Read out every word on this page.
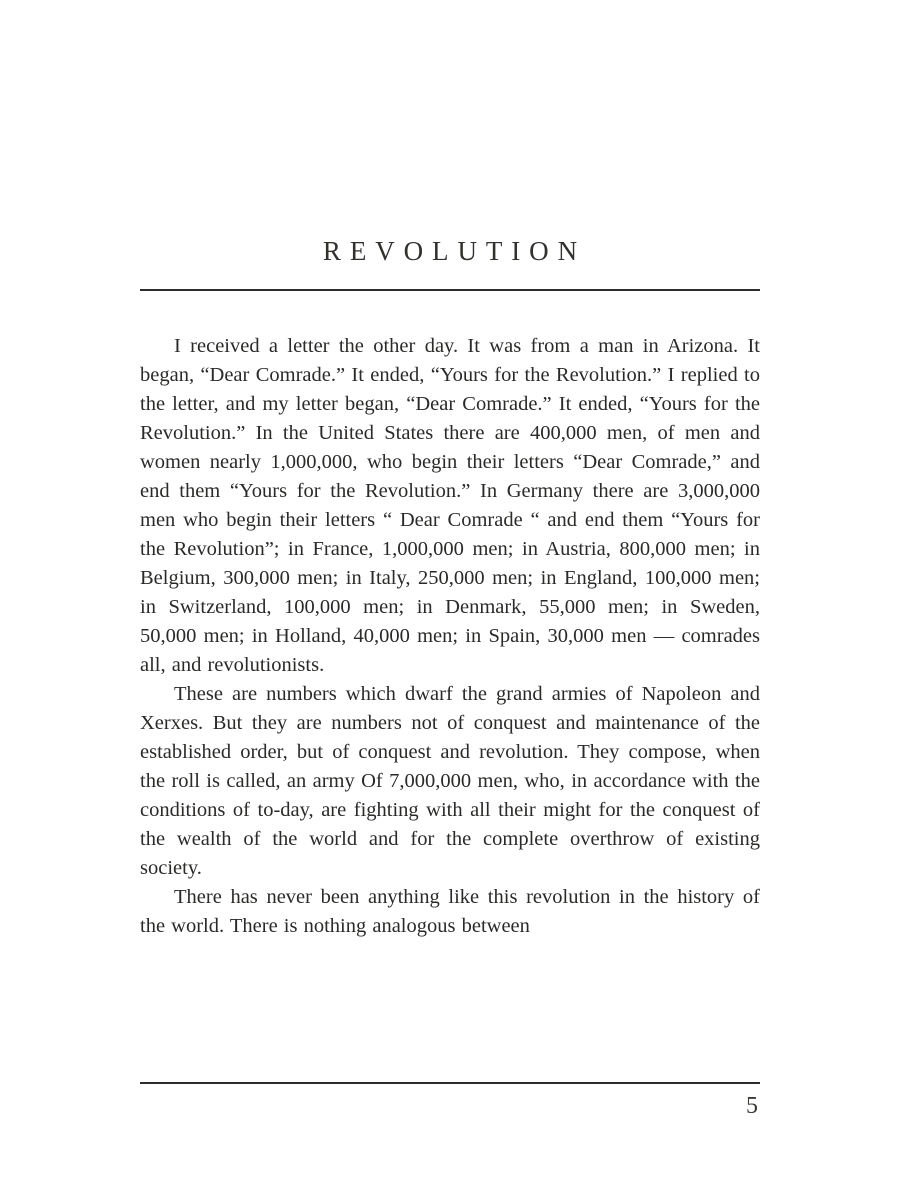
REVOLUTION

I received a letter the other day. It was from a man in Arizona. It began, “Dear Comrade.” It ended, “Yours for the Revolution.” I replied to the letter, and my letter began, “Dear Comrade.” It ended, “Yours for the Revolution.” In the United States there are 400,000 men, of men and women nearly 1,000,000, who begin their letters “Dear Comrade,” and end them “Yours for the Revolution.” In Germany there are 3,000,000 men who begin their letters “ Dear Comrade “ and end them “Yours for the Revolution”; in France, 1,000,000 men; in Austria, 800,000 men; in Belgium, 300,000 men; in Italy, 250,000 men; in England, 100,000 men; in Switzerland, 100,000 men; in Denmark, 55,000 men; in Sweden, 50,000 men; in Holland, 40,000 men; in Spain, 30,000 men — comrades all, and revolutionists.

These are numbers which dwarf the grand armies of Napoleon and Xerxes. But they are numbers not of conquest and maintenance of the established order, but of conquest and revolution. They compose, when the roll is called, an army Of 7,000,000 men, who, in accordance with the conditions of to-day, are fighting with all their might for the conquest of the wealth of the world and for the complete overthrow of existing society.

There has never been anything like this revolution in the history of the world. There is nothing analogous between

5
